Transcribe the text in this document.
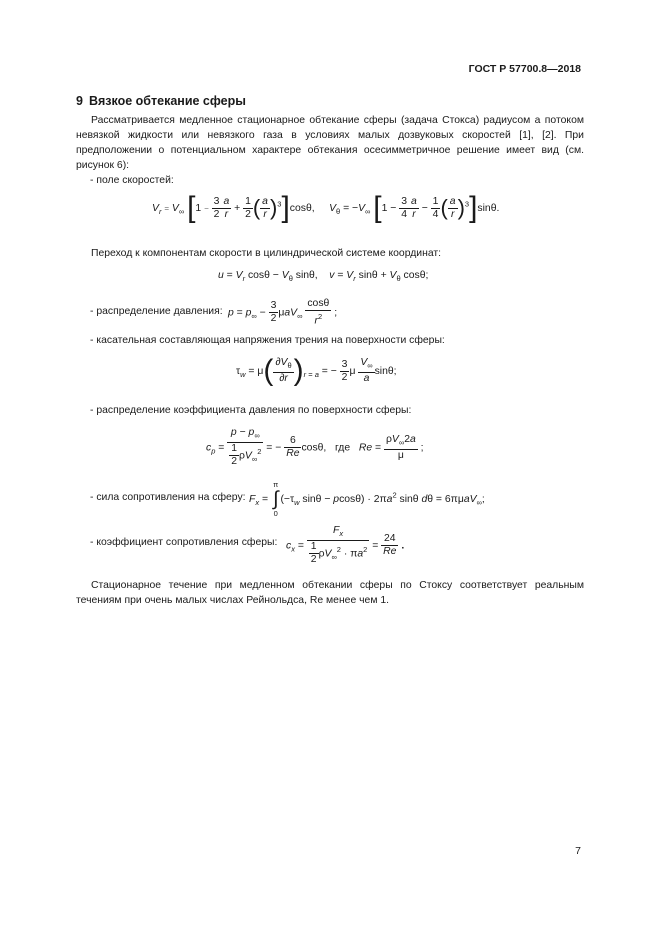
ГОСТ Р 57700.8—2018
9 Вязкое обтекание сферы

Рассматривается медленное стационарное обтекание сферы (задача Стокса) радиусом a потоком невязкой жидкости или невязкого газа в условиях малых дозвуковых скоростей [1], [2]. При предположении о потенциальном характере обтекания осесимметричное решение имеет вид (см. рисунок 6):

- поле скоростей:
$V_r = V_\infty$ [$1 - \frac{3}{2} \frac{a}{r} + \frac{1}{2}$ ( $\frac{a}{r} )^3]\cos\theta$,     $V_\theta = -V_\infty$ [$1 - \frac{3}{4} \frac{a}{r} - \frac{1}{4}$ ( $\frac{a}{r} )^3]\sin\theta$.
Переход к компонентам скорости в цилиндрической системе координат:
$u = V_r$ $\cos\theta - V_\theta$ sinθ,    $v = V_r$ $\sin\theta + V_\theta$ cosθ;
- распределение давления: $p = p_\infty - \frac{3}{2} \mu aV_\infty \frac{\cos\theta}{r^2}$ ;
- касательная составляющая напряжения трения на поверхности сферы:
$\tau_w = \mu( \frac{\partial V_\theta}{\partial r} )_{r = a}$ = − $\frac{3}{2}$ μ $\frac{V_\infty}{a} \sin\theta$;
- распределение коэффициента давления по поверхности сферы:
$c_p = \frac{p - p_\infty}{\frac{1}{2} \rho V_\infty^2}$ = − $\frac{6}{Re} \cos\theta$,   где $Re = \frac{\rho V_\infty 2a}{\mu}$ ;
- сила сопротивления на сферу: $F_x$ =
π
∫
0
($-\tau_w$ $\sin\theta - pcos\theta) \cdot 2\pi a^2$ sinθ dθ = 6πμaV$_\infty$;
- коэффициент сопротивления сферы: $c_x = \frac{F_x}{\frac{1}{2} \rho V_\infty^2 \cdot \pi a^2} = \frac{24}{Re}$ .

Стационарное течение при медленном обтекании сферы по Стоксу соответствует реальным течениям при очень малых числах Рейнольдса, Re менее чем 1.

7
